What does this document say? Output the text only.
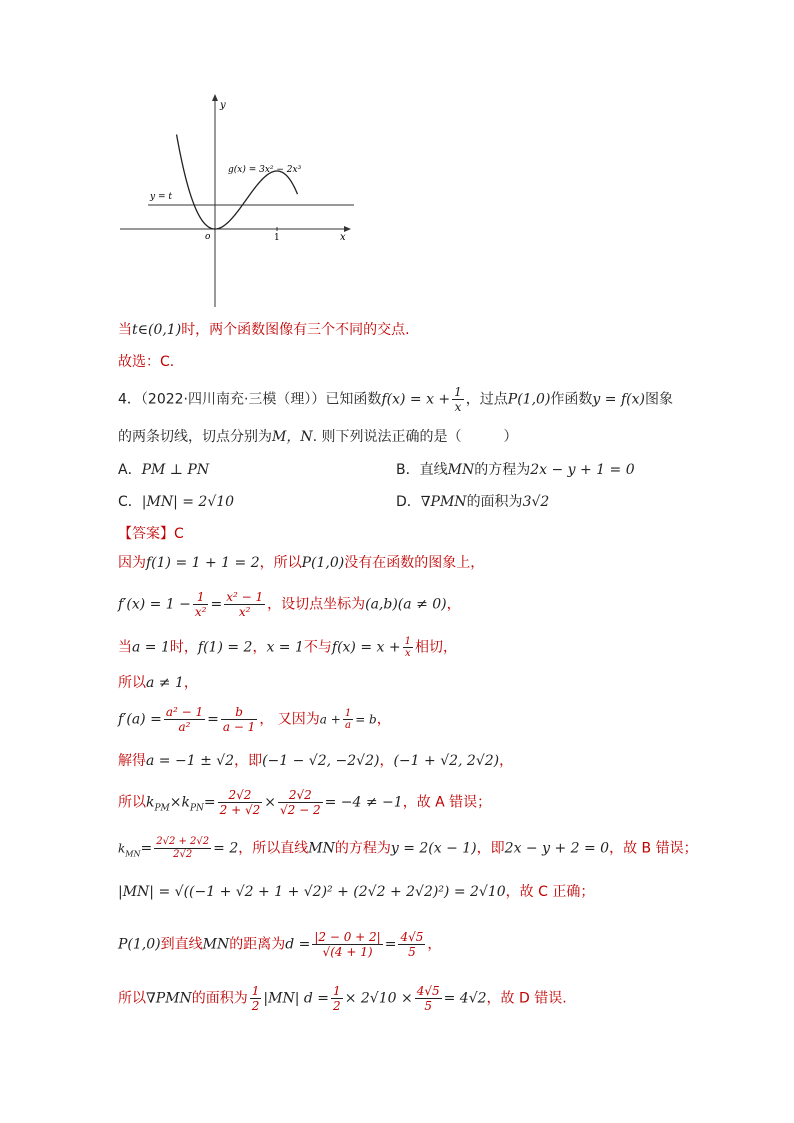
y
x
o	1
y = t
g(x) = 3x² − 2x³
当t∈(0,1)时，两个函数图像有三个不同的交点.
故选：C.
4．（2022·四川南充·三模（理））已知函数$f(x) = x + \frac{1}{x}$ ，过点P(1,0)作函数y = f(x)图象
的两条切线，切点分别为M，N. 则下列说法正确的是（　　　）
A．PM ⊥ PN	B．直线MN的方程为2x − y + 1 = 0
C．|MN| = 2√10	D．∇PMN的面积为3√2
【答案】C
因为f(1) = 1 + 1 = 2，所以P(1,0)没有在函数的图象上，
$f'(x) = 1 - \frac{1}{\text{x²}} = \frac{\text{x² − 1}}{\text{x²}}$ ，设切点坐标为(a,b)(a ≠ 0)，
当a = 1时，f(1) = 2，x = 1不与$f(x) = x + \frac{1}{x}$ 相切，
所以a ≠ 1，
$f'(a) = \frac{\text{a² − 1}}{\text{a²}} = \frac{b}{a - 1}$ ， 又因为$a + \frac{1}{a} = b$，
解得a = −1 ± √2，即(−1 − √2, −2√2)，(−1 + √2, 2√2)，
所以$k_{PM}\times k_{PN}= \frac{2√2}{2 + √2} \times \frac{2√2}{√2 - 2} = -4 \ne -1$，故 A 错误；
$k_{MN}= \frac{2√2 + 2√2}{2√2} = 2$，所以直线MN的方程为y = 2(x − 1)，即2x − y + 2 = 0，故 B 错误；
|MN| = √((−1 + √2 + 1 + √2)² + (2√2 + 2√2)²) = 2√10，故 C 正确；
P(1,0)到直线MN的距离为$d = \frac{|2 - 0 + 2|}{√(4 + 1)} = \frac{4√5}{5}$ ，
所以∇PMN的面积为 $\frac{1}{2} |MN|$ $d = \frac{1}{2} \times 2√10 \times \frac{4√5}{5} = 4√2$，故 D 错误.
